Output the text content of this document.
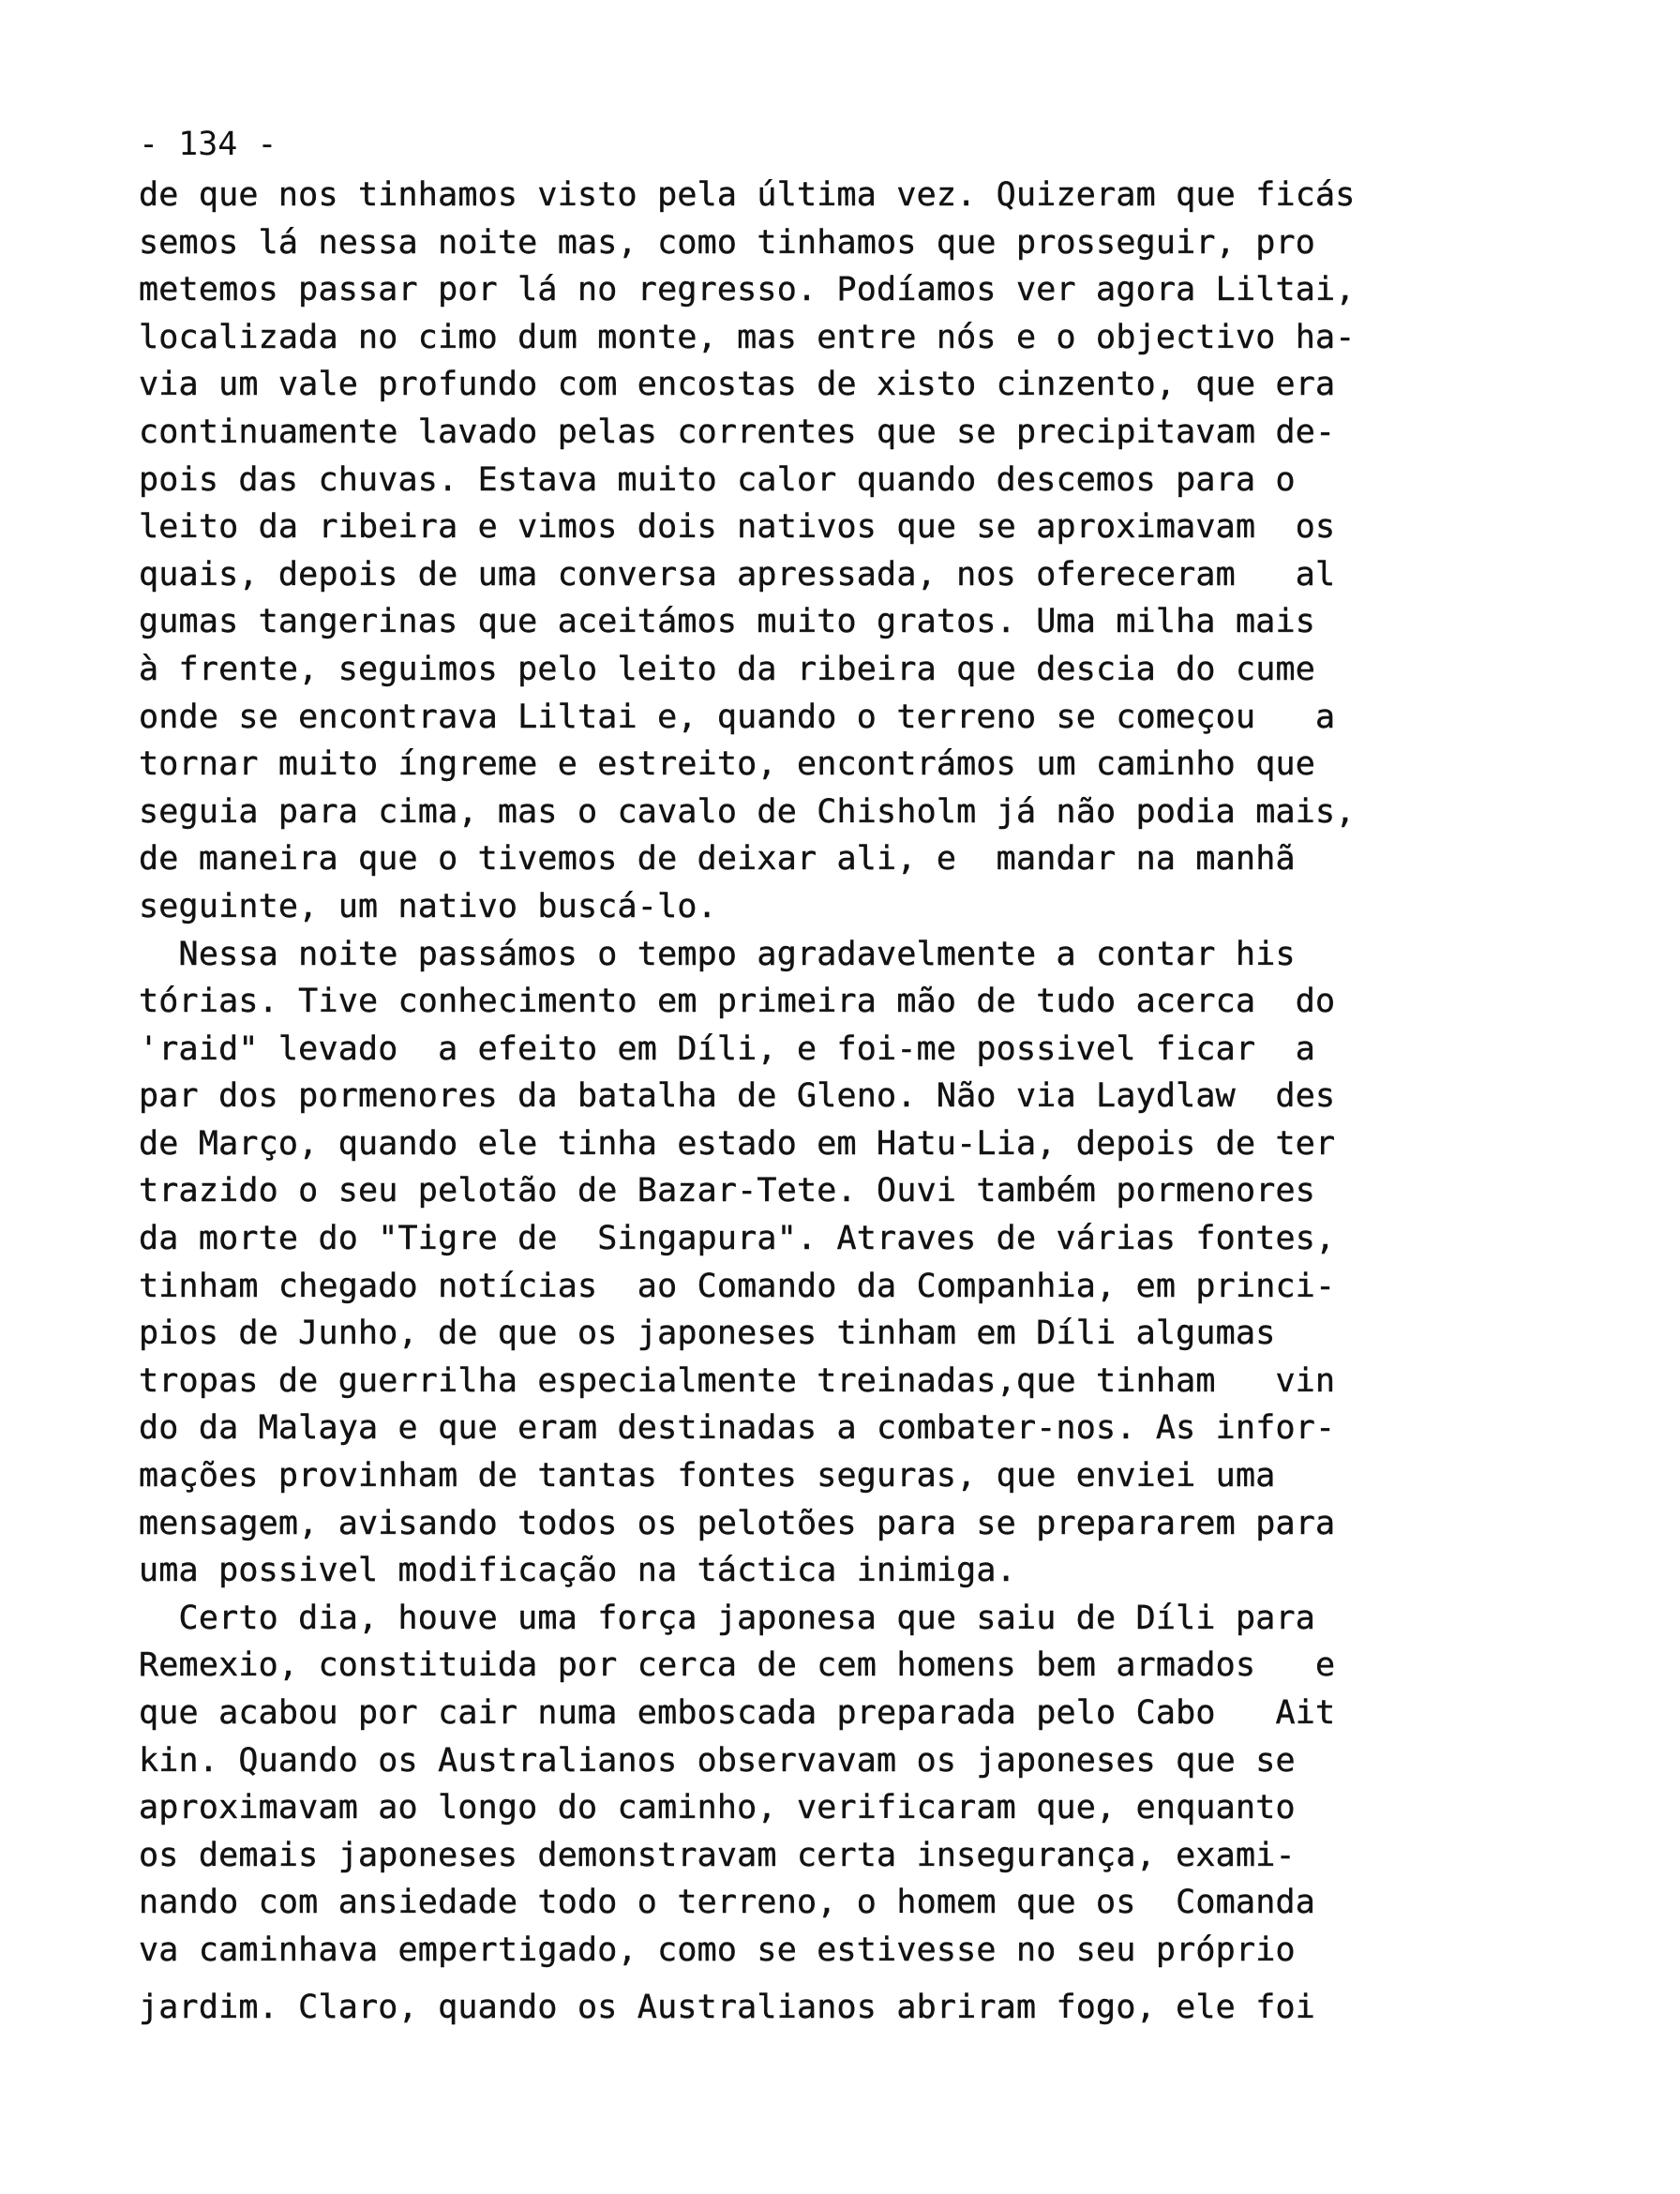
- 134 -
de que nos tinhamos visto pela última vez. Quizeram que ficás
semos lá nessa noite mas, como tinhamos que prosseguir, pro
metemos passar por lá no regresso. Podíamos ver agora Liltai,
localizada no cimo dum monte, mas entre nós e o objectivo ha-
via um vale profundo com encostas de xisto cinzento, que era
continuamente lavado pelas correntes que se precipitavam de-
pois das chuvas. Estava muito calor quando descemos para o
leito da ribeira e vimos dois nativos que se aproximavam  os
quais, depois de uma conversa apressada, nos ofereceram   al
gumas tangerinas que aceitámos muito gratos. Uma milha mais
à frente, seguimos pelo leito da ribeira que descia do cume
onde se encontrava Liltai e, quando o terreno se começou   a
tornar muito íngreme e estreito, encontrámos um caminho que
seguia para cima, mas o cavalo de Chisholm já não podia mais,
de maneira que o tivemos de deixar ali, e  mandar na manhã
seguinte, um nativo buscá-lo.
Nessa noite passámos o tempo agradavelmente a contar his
tórias. Tive conhecimento em primeira mão de tudo acerca  do
'raid" levado  a efeito em Díli, e foi-me possivel ficar  a
par dos pormenores da batalha de Gleno. Não via Laydlaw  des
de Março, quando ele tinha estado em Hatu-Lia, depois de ter
trazido o seu pelotão de Bazar-Tete. Ouvi também pormenores
da morte do "Tigre de  Singapura". Atraves de várias fontes,
tinham chegado notícias  ao Comando da Companhia, em princi-
pios de Junho, de que os japoneses tinham em Díli algumas
tropas de guerrilha especialmente treinadas,que tinham   vin
do da Malaya e que eram destinadas a combater-nos. As infor-
mações provinham de tantas fontes seguras, que enviei uma
mensagem, avisando todos os pelotões para se prepararem para
uma possivel modificação na táctica inimiga.
Certo dia, houve uma força japonesa que saiu de Díli para
Remexio, constituida por cerca de cem homens bem armados   e
que acabou por cair numa emboscada preparada pelo Cabo   Ait
kin. Quando os Australianos observavam os japoneses que se
aproximavam ao longo do caminho, verificaram que, enquanto
os demais japoneses demonstravam certa insegurança, exami-
nando com ansiedade todo o terreno, o homem que os  Comanda
va caminhava empertigado, como se estivesse no seu próprio
jardim. Claro, quando os Australianos abriram fogo, ele foi
